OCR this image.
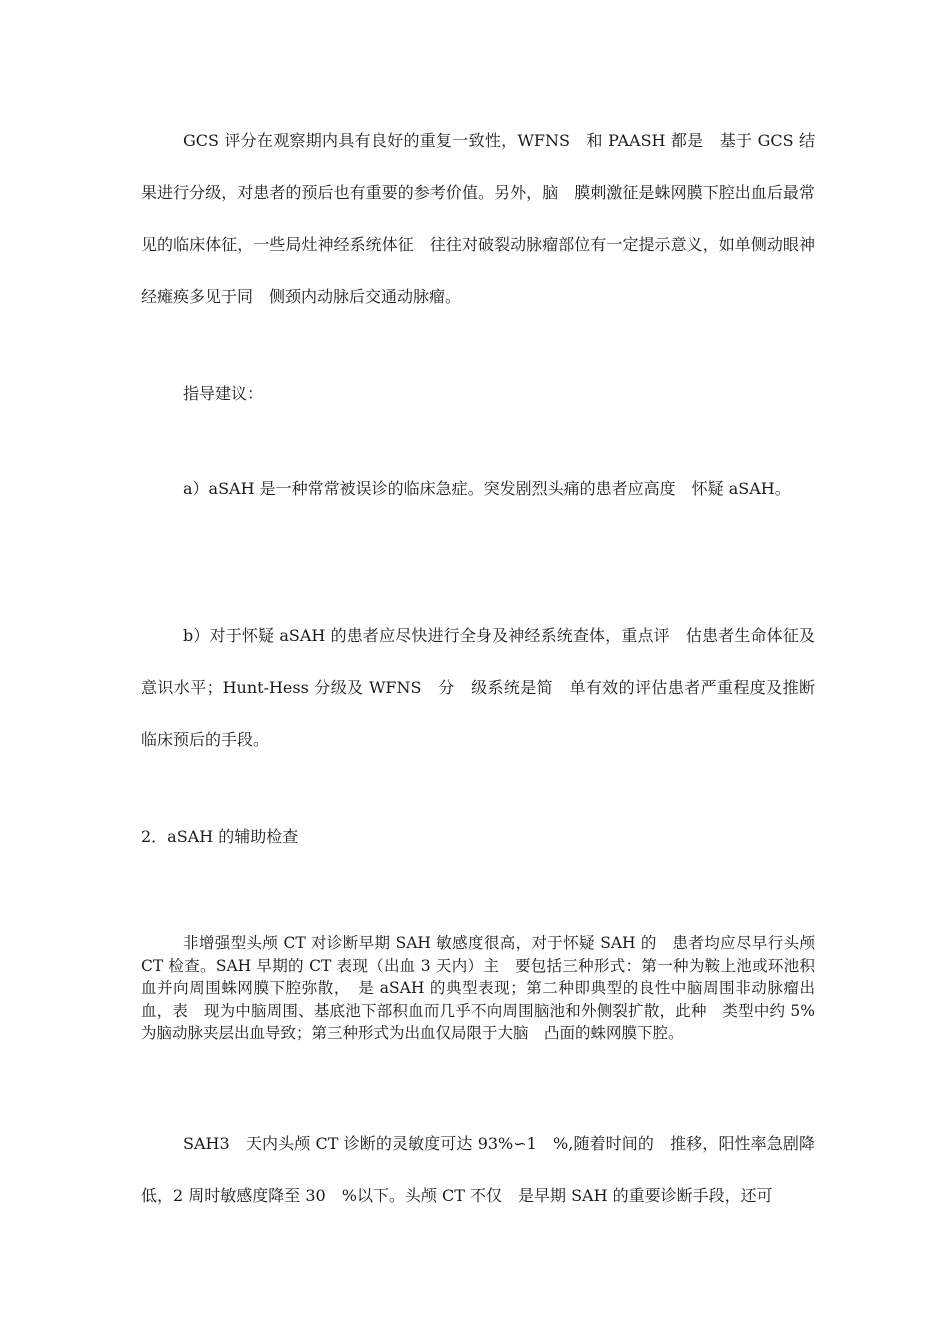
GCS 评分在观察期内具有良好的重复一致性，WFNS　和 PAASH 都是　基于 GCS 结果进行分级，对患者的预后也有重要的参考价值。另外，脑　膜刺激征是蛛网膜下腔出血后最常见的临床体征，一些局灶神经系统体征　往往对破裂动脉瘤部位有一定提示意义，如单侧动眼神经瘫痪多见于同　侧颈内动脉后交通动脉瘤。

指导建议：

a）aSAH 是一种常常被误诊的临床急症。突发剧烈头痛的患者应高度　怀疑 aSAH。

b）对于怀疑 aSAH 的患者应尽快进行全身及神经系统查体，重点评　估患者生命体征及意识水平；Hunt-Hess 分级及 WFNS　分　级系统是简　单有效的评估患者严重程度及推断临床预后的手段。

2．aSAH 的辅助检查

非增强型头颅 CT 对诊断早期 SAH 敏感度很高，对于怀疑 SAH 的　患者均应尽早行头颅 CT 检查。SAH 早期的 CT 表现（出血 3 天内）主　要包括三种形式：第一种为鞍上池或环池积血并向周围蛛网膜下腔弥散，　是 aSAH 的典型表现；第二种即典型的良性中脑周围非动脉瘤出血，表　现为中脑周围、基底池下部积血而几乎不向周围脑池和外侧裂扩散，此种　类型中约 5%为脑动脉夹层出血导致；第三种形式为出血仅局限于大脑　凸面的蛛网膜下腔。

SAH3　天内头颅 CT 诊断的灵敏度可达 93%∽1　%,随着时间的　推移，阳性率急剧降低，2 周时敏感度降至 30　%以下。头颅 CT 不仅　是早期 SAH 的重要诊断手段，还可
